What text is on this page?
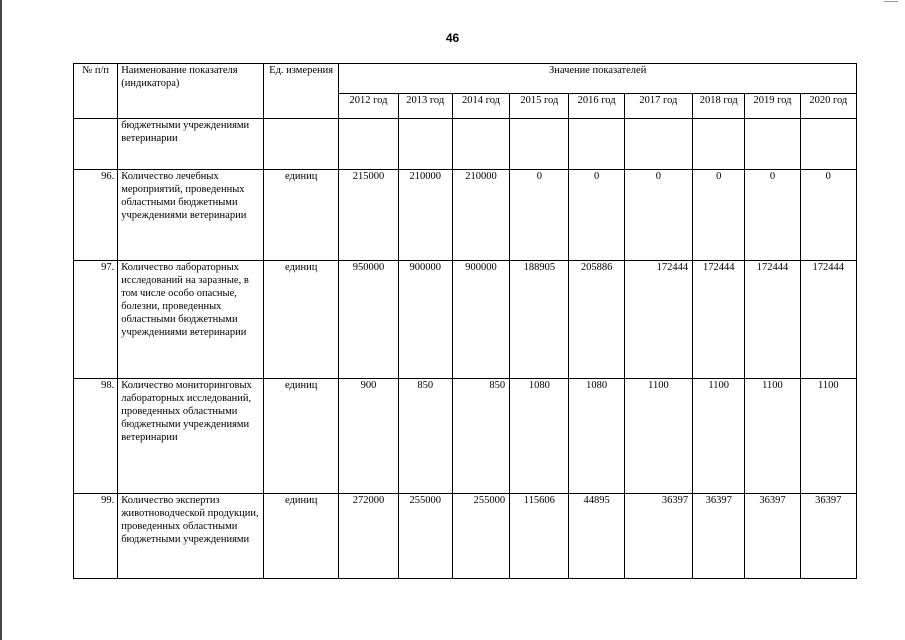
46
№ п/п	Наименование показателя (индикатора)	Ед. измерения	Значение показателей								
			2012 год	2013 год	2014 год	2015 год	2016 год	2017 год	2018 год	2019 год	2020 год
	бюджетными учреждениями ветеринарии										
96.	Количество лечебных мероприятий, проведенных областными бюджетными учреждениями ветеринарии	единиц	215000	210000	210000	0	0	0	0	0	0
97.	Количество лабораторных исследований на заразные, в том числе особо опасные, болезни, проведенных областными бюджетными учреждениями ветеринарии	единиц	950000	900000	900000	188905	205886	172444	172444	172444	172444
98.	Количество мониторинговых лабораторных исследований, проведенных областными бюджетными учреждениями ветеринарии	единиц	900	850	850	1080	1080	1100	1100	1100	1100
99.	Количество экспертиз животноводческой продукции, проведенных областными бюджетными учреждениями	единиц	272000	255000	255000	115606	44895	36397	36397	36397	36397
